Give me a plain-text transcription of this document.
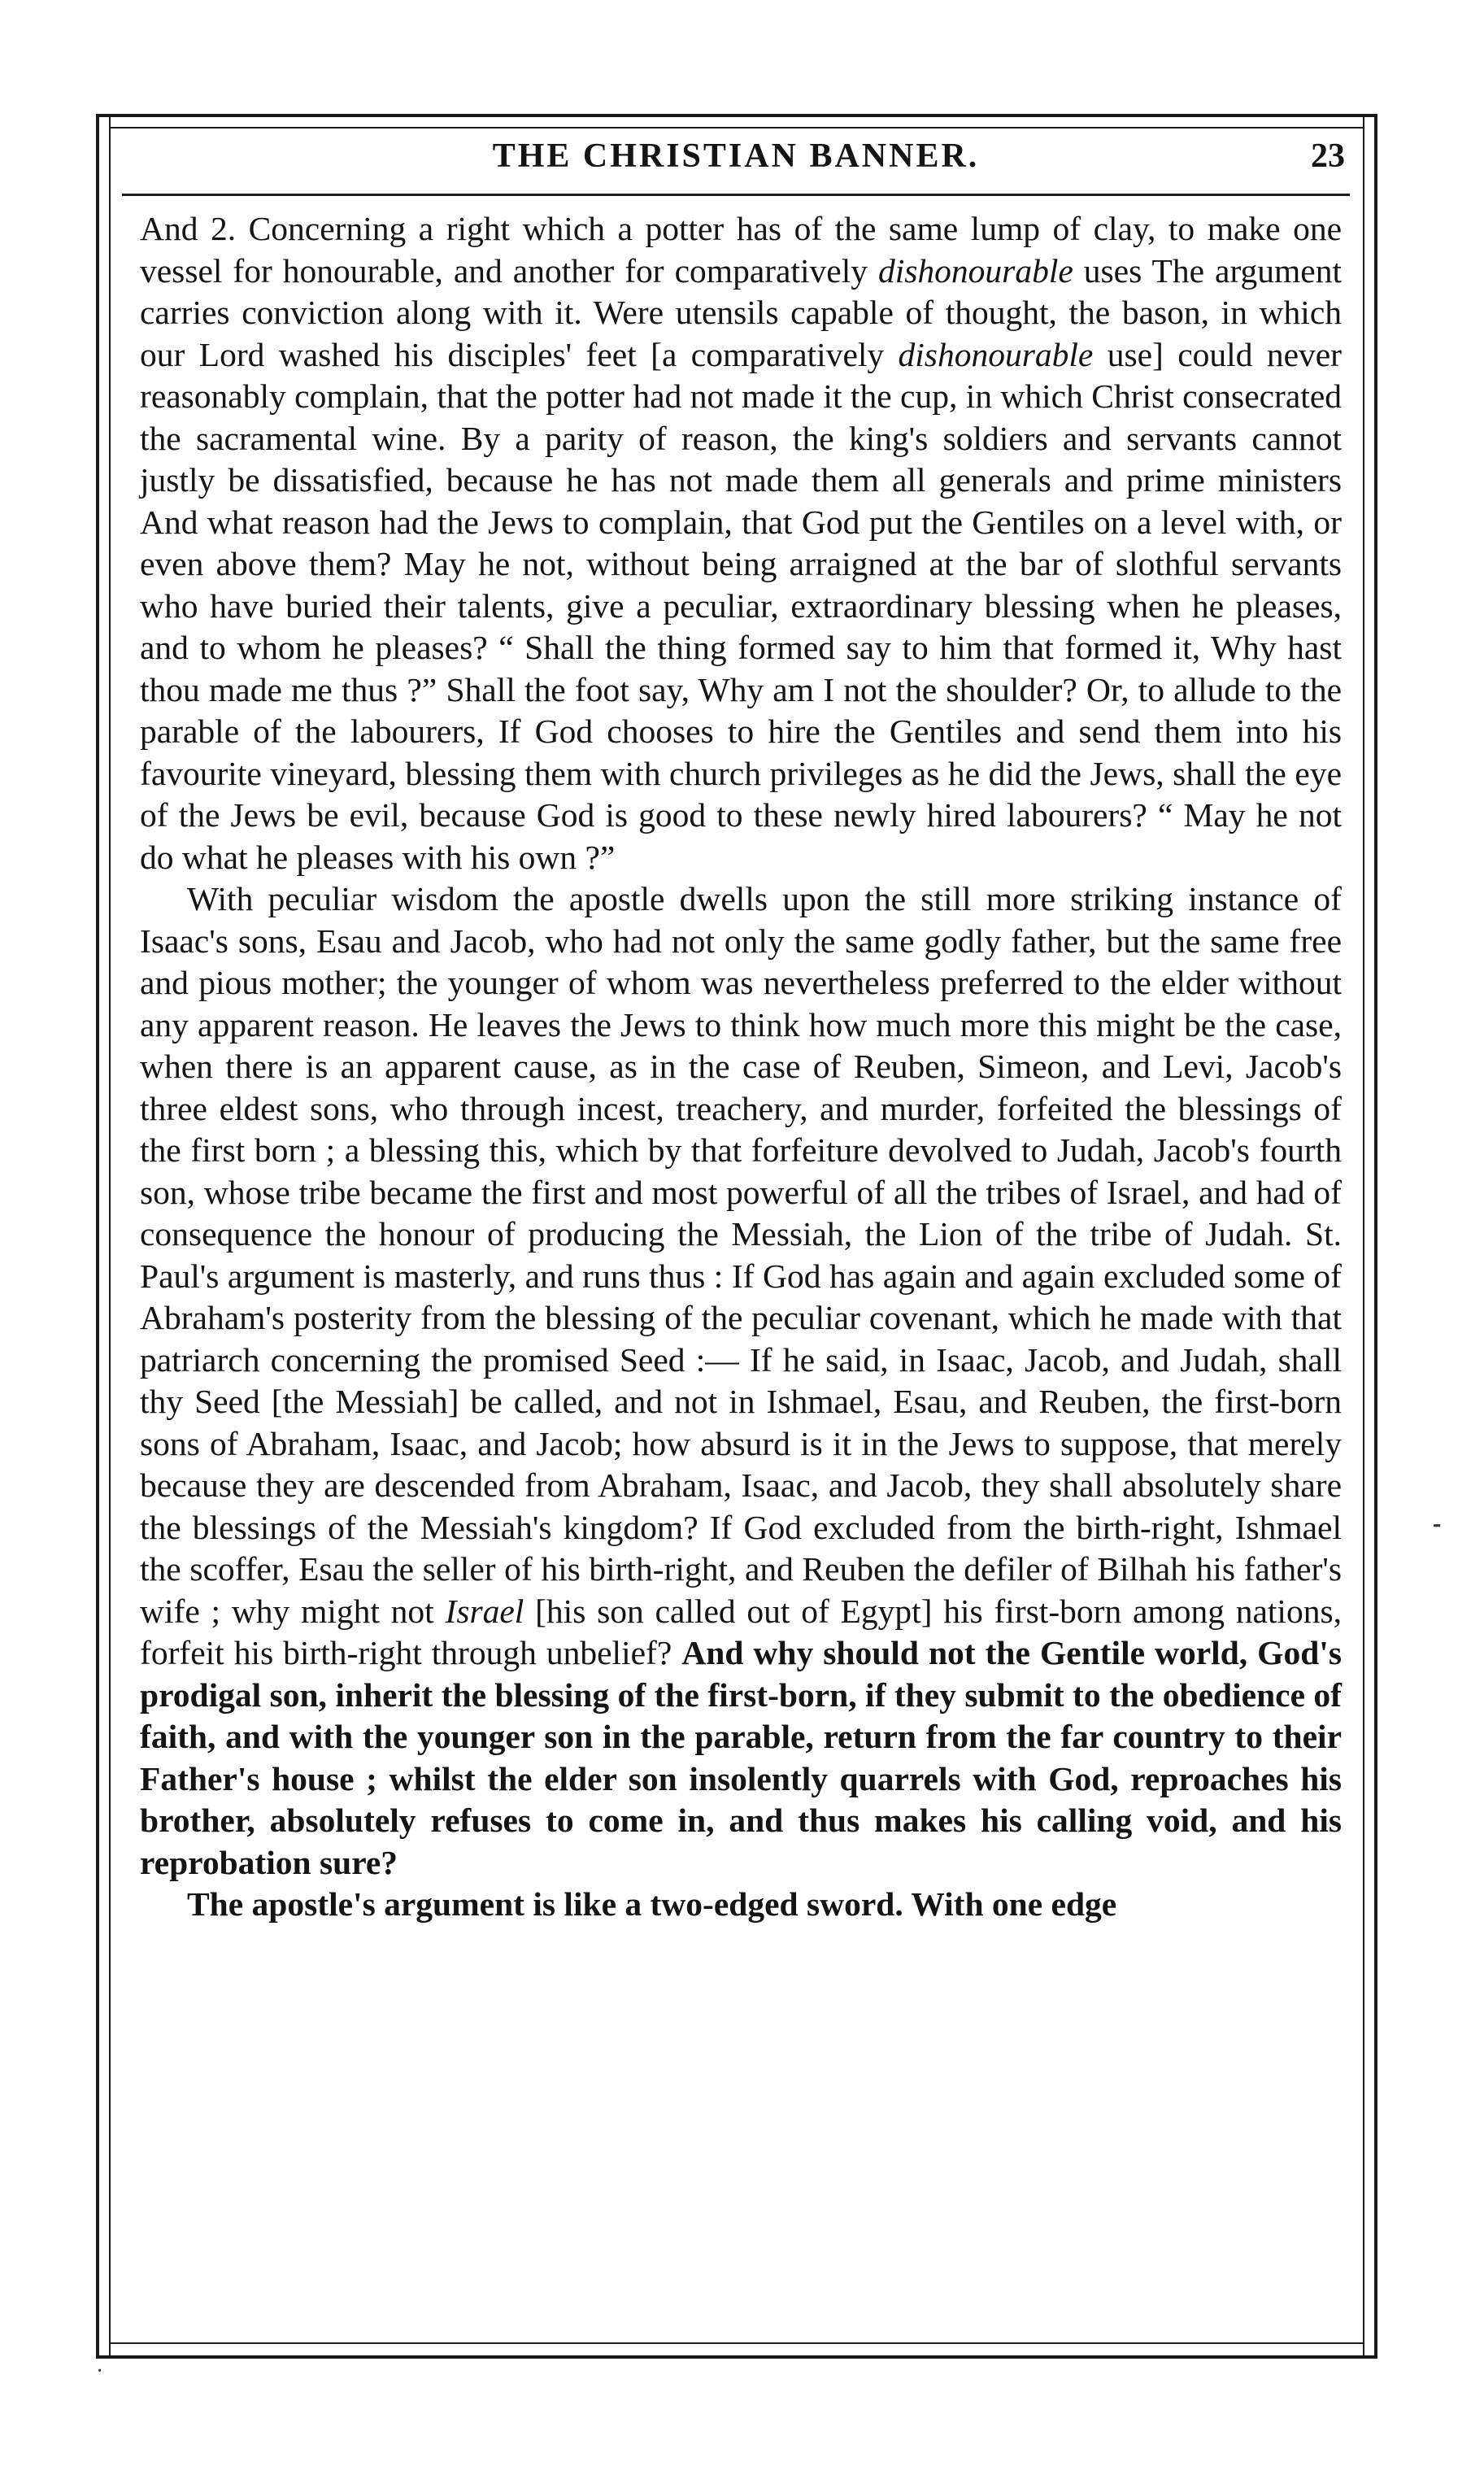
THE CHRISTIAN BANNER.	23

And 2. Concerning a right which a potter has of the same lump of clay, to make one vessel for honourable, and another for comparatively dishonourable uses The argument carries conviction along with it. Were utensils capable of thought, the bason, in which our Lord washed his disciples' feet [a comparatively dishonourable use] could never reasonably complain, that the potter had not made it the cup, in which Christ consecrated the sacramental wine. By a parity of reason, the king's soldiers and servants cannot justly be dissatisfied, because he has not made them all generals and prime ministers And what reason had the Jews to complain, that God put the Gentiles on a level with, or even above them? May he not, without being arraigned at the bar of slothful servants who have buried their talents, give a peculiar, extraordinary blessing when he pleases, and to whom he pleases? “ Shall the thing formed say to him that formed it, Why hast thou made me thus ?” Shall the foot say, Why am I not the shoulder? Or, to allude to the parable of the labourers, If God chooses to hire the Gentiles and send them into his favourite vineyard, blessing them with church privileges as he did the Jews, shall the eye of the Jews be evil, because God is good to these newly hired labourers? “ May he not do what he pleases with his own ?”

With peculiar wisdom the apostle dwells upon the still more striking instance of Isaac's sons, Esau and Jacob, who had not only the same godly father, but the same free and pious mother; the younger of whom was nevertheless preferred to the elder without any apparent reason. He leaves the Jews to think how much more this might be the case, when there is an apparent cause, as in the case of Reuben, Simeon, and Levi, Jacob's three eldest sons, who through incest, treachery, and murder, forfeited the blessings of the first born ; a blessing this, which by that forfeiture devolved to Judah, Jacob's fourth son, whose tribe became the first and most powerful of all the tribes of Israel, and had of consequence the honour of producing the Messiah, the Lion of the tribe of Judah. St. Paul's argument is masterly, and runs thus : If God has again and again excluded some of Abraham's posterity from the blessing of the peculiar covenant, which he made with that patriarch concerning the promised Seed :— If he said, in Isaac, Jacob, and Judah, shall thy Seed [the Messiah] be called, and not in Ishmael, Esau, and Reuben, the first-born sons of Abraham, Isaac, and Jacob; how absurd is it in the Jews to suppose, that merely because they are descended from Abraham, Isaac, and Jacob, they shall absolutely share the blessings of the Messiah's kingdom? If God excluded from the birth-right, Ishmael the scoffer, Esau the seller of his birth-right, and Reuben the defiler of Bilhah his father's wife ; why might not Israel [his son called out of Egypt] his first-born among nations, forfeit his birth-right through unbelief? And why should not the Gentile world, God's prodigal son, inherit the blessing of the first-born, if they submit to the obedience of faith, and with the younger son in the parable, return from the far country to their Father's house ; whilst the elder son insolently quarrels with God, reproaches his brother, absolutely refuses to come in, and thus makes his calling void, and his reprobation sure?

The apostle's argument is like a two-edged sword. With one edge

⁃
·
